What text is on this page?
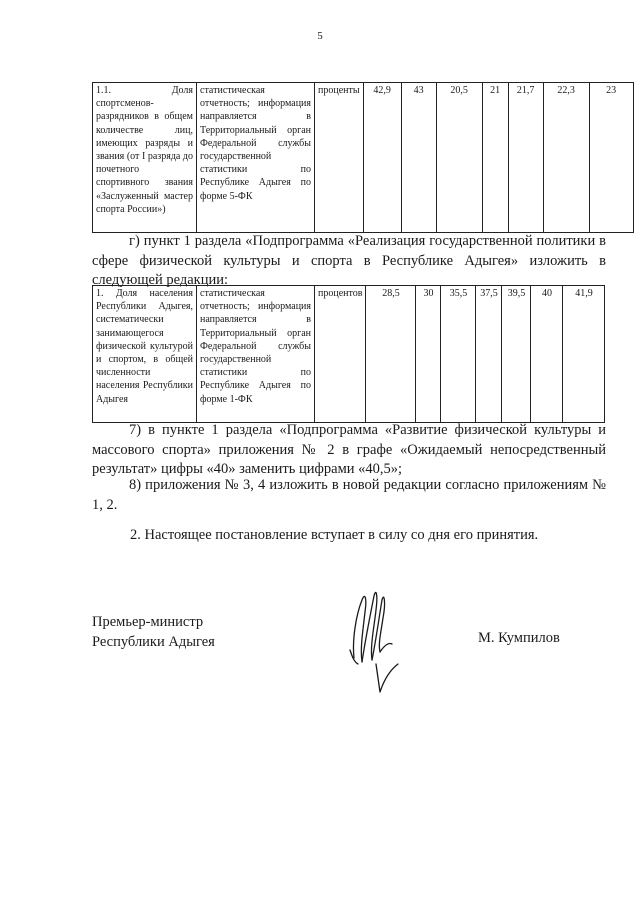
5
1.1. Доля спортсменов-разрядников в общем количестве лиц, имеющих разряды и звания (от I разряда до почетного спортивного звания «Заслуженный мастер спорта России»)	статистическая отчетность; информация направляется в Территориальный орган Федеральной службы государственной статистики по Республике Адыгея по форме 5-ФК	проценты	42,9	43	20,5	21	21,7	22,3	23

г) пункт 1 раздела «Подпрограмма «Реализация государственной политики в сфере физической культуры и спорта в Республике Адыгея» изложить в следующей редакции:

1. Доля населения Республики Адыгея, систематически занимающегося физической культурой и спортом, в общей численности населения Республики Адыгея	статистическая отчетность; информация направляется в Территориальный орган Федеральной службы государственной статистики по Республике Адыгея по форме 1-ФК	процентов	28,5	30	35,5	37,5	39,5	40	41,9

7) в пункте 1 раздела «Подпрограмма «Развитие физической культуры и массового спорта» приложения № 2 в графе «Ожидаемый непосредственный результат» цифры «40» заменить цифрами «40,5»;

8) приложения № 3, 4 изложить в новой редакции согласно приложениям № 1, 2.

2. Настоящее постановление вступает в силу со дня его принятия.

Премьер-министр
Республики Адыгея	М. Кумпилов
